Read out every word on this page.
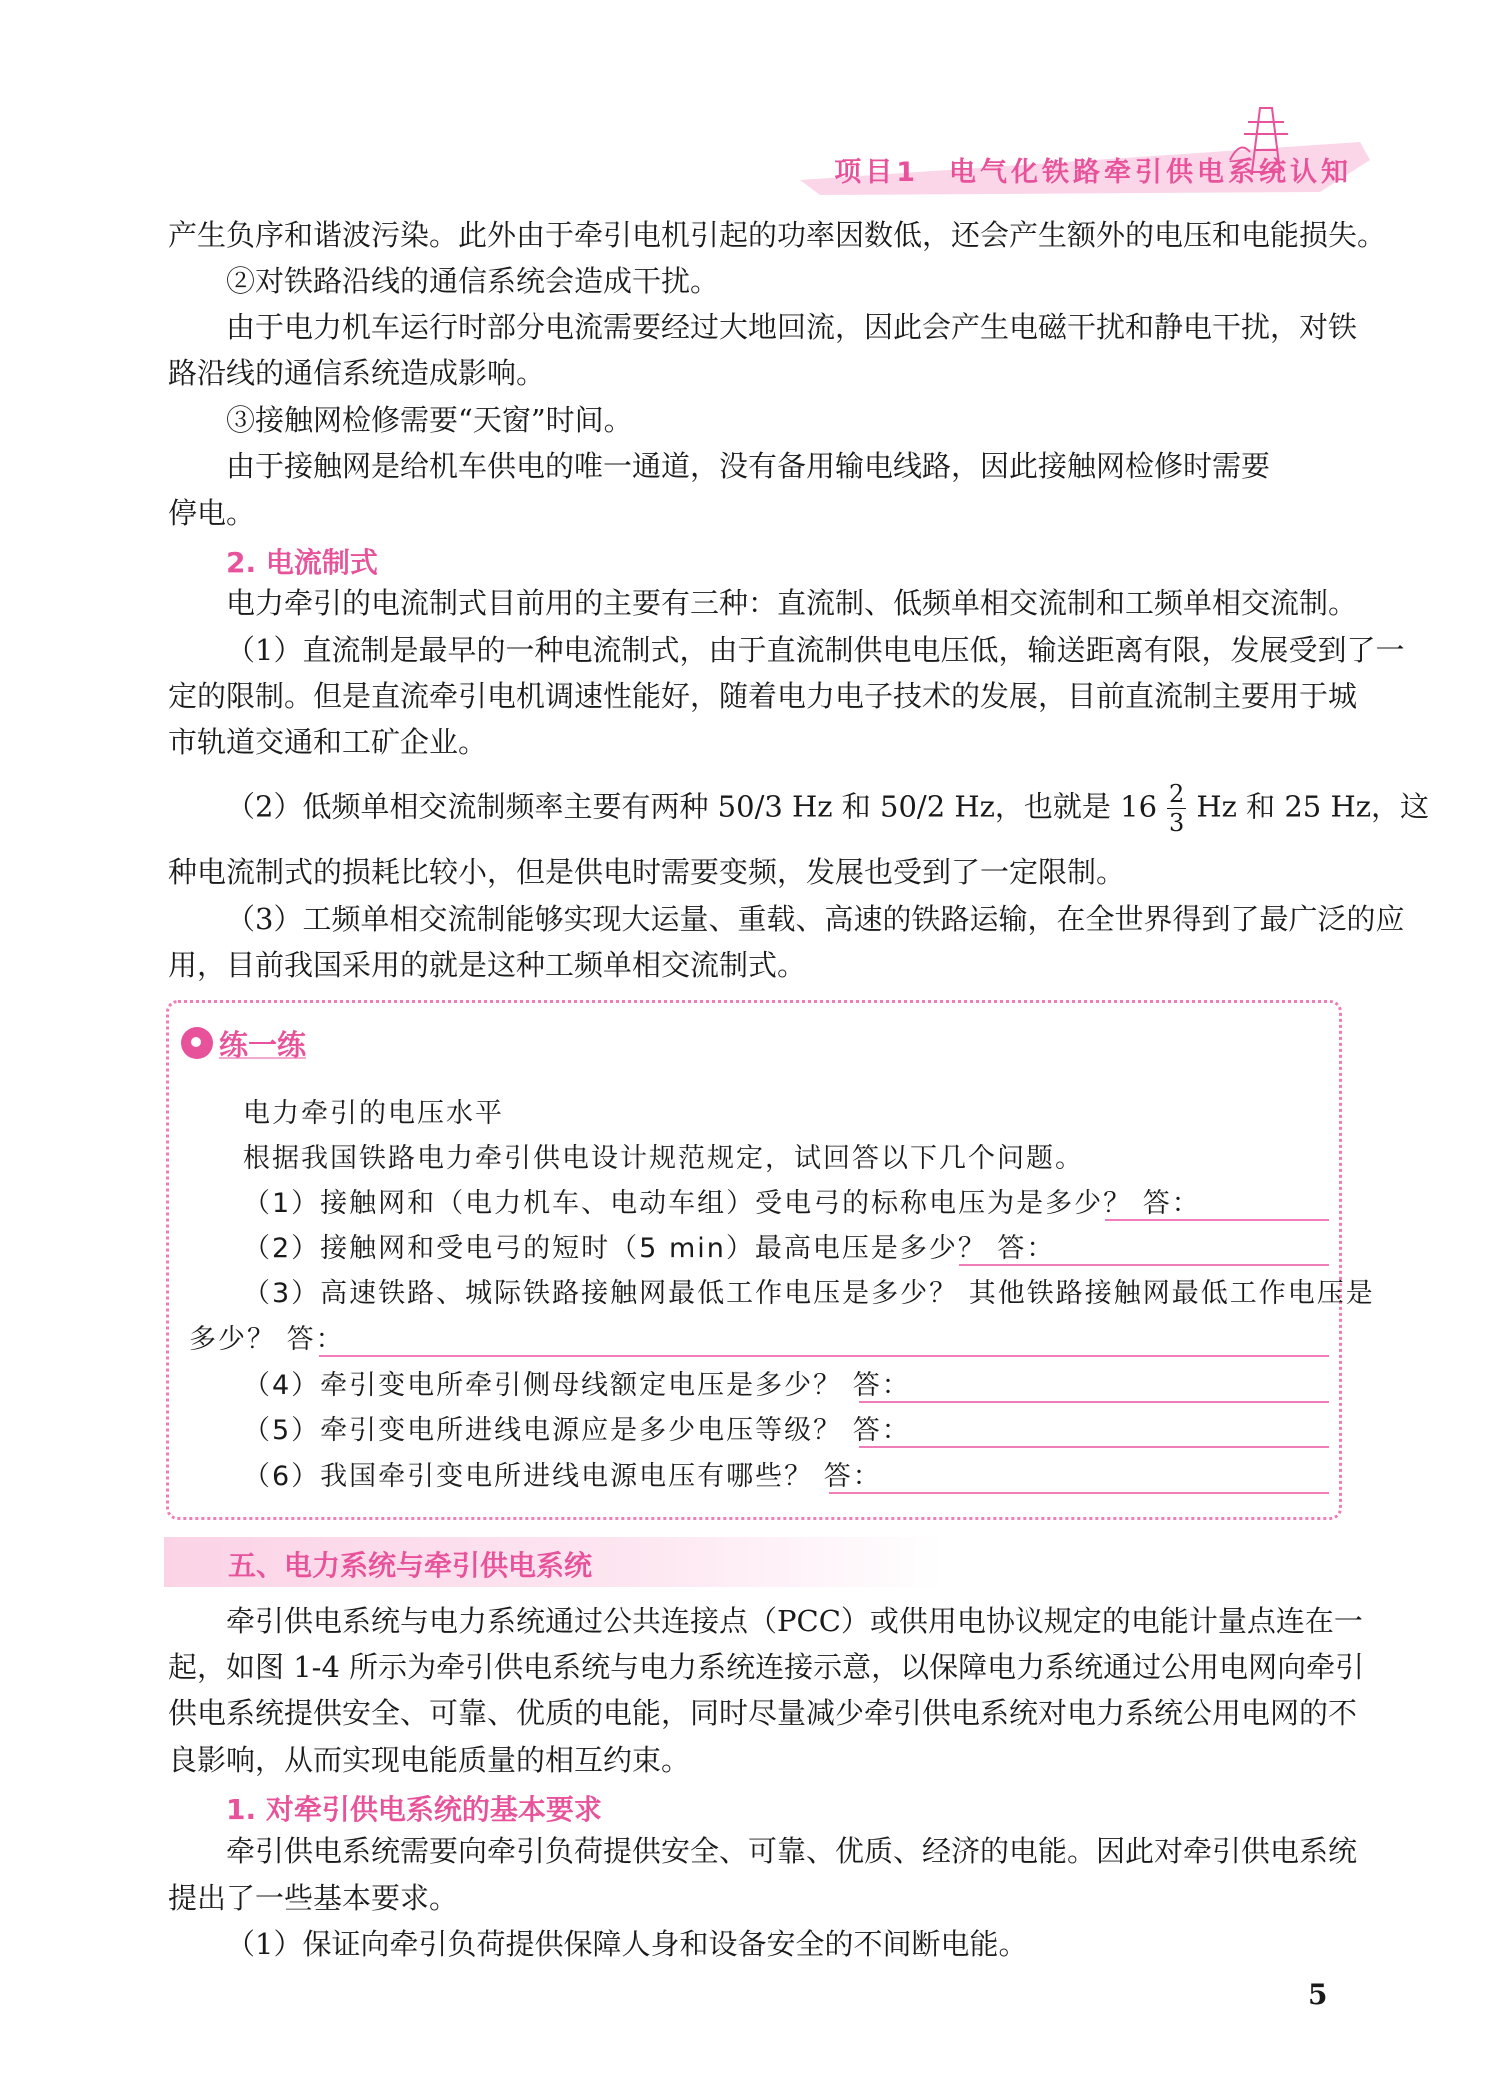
项目1 电气化铁路牵引供电系统认知
产生负序和谐波污染。此外由于牵引电机引起的功率因数低，还会产生额外的电压和电能损失。
②对铁路沿线的通信系统会造成干扰。
由于电力机车运行时部分电流需要经过大地回流，因此会产生电磁干扰和静电干扰，对铁
路沿线的通信系统造成影响。
③接触网检修需要“天窗”时间。
由于接触网是给机车供电的唯一通道，没有备用输电线路，因此接触网检修时需要
停电。
2. 电流制式
电力牵引的电流制式目前用的主要有三种：直流制、低频单相交流制和工频单相交流制。
（1）直流制是最早的一种电流制式，由于直流制供电电压低，输送距离有限，发展受到了一
定的限制。但是直流牵引电机调速性能好，随着电力电子技术的发展，目前直流制主要用于城
市轨道交通和工矿企业。
（2）低频单相交流制频率主要有两种 50/3 Hz 和 50/2 Hz，也就是 $16 \frac{2}{3}$ Hz 和 25 Hz，这
种电流制式的损耗比较小，但是供电时需要变频，发展也受到了一定限制。
（3）工频单相交流制能够实现大运量、重载、高速的铁路运输，在全世界得到了最广泛的应
用，目前我国采用的就是这种工频单相交流制式。
练一练
电力牵引的电压水平
根据我国铁路电力牵引供电设计规范规定，试回答以下几个问题。
（1）接触网和（电力机车、电动车组）受电弓的标称电压为是多少？ 答：
（2）接触网和受电弓的短时（5 min）最高电压是多少？ 答：
（3）高速铁路、城际铁路接触网最低工作电压是多少？ 其他铁路接触网最低工作电压是
多少？ 答：
（4）牵引变电所牵引侧母线额定电压是多少？ 答：
（5）牵引变电所进线电源应是多少电压等级？ 答：
（6）我国牵引变电所进线电源电压有哪些？ 答：
五、电力系统与牵引供电系统
牵引供电系统与电力系统通过公共连接点（PCC）或供用电协议规定的电能计量点连在一
起，如图 1-4 所示为牵引供电系统与电力系统连接示意，以保障电力系统通过公用电网向牵引
供电系统提供安全、可靠、优质的电能，同时尽量减少牵引供电系统对电力系统公用电网的不
良影响，从而实现电能质量的相互约束。
1. 对牵引供电系统的基本要求
牵引供电系统需要向牵引负荷提供安全、可靠、优质、经济的电能。因此对牵引供电系统
提出了一些基本要求。
（1）保证向牵引负荷提供保障人身和设备安全的不间断电能。
5
